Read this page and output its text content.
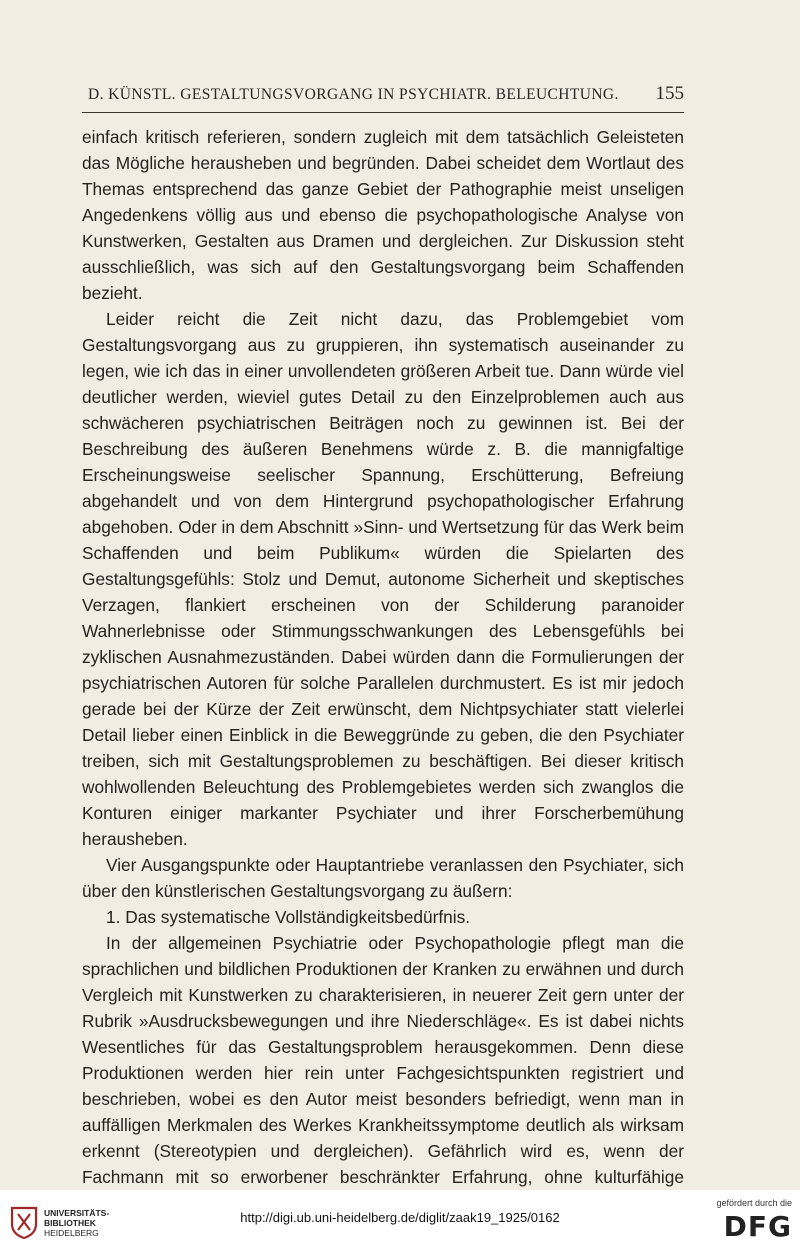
D. KÜNSTL. GESTALTUNGSVORGANG IN PSYCHIATR. BELEUCHTUNG. 155

einfach kritisch referieren, sondern zugleich mit dem tatsächlich Geleisteten das Mögliche herausheben und begründen. Dabei scheidet dem Wortlaut des Themas entsprechend das ganze Gebiet der Pathographie meist unseligen Angedenkens völlig aus und ebenso die psychopathologische Analyse von Kunstwerken, Gestalten aus Dramen und dergleichen. Zur Diskussion steht ausschließlich, was sich auf den Gestaltungsvorgang beim Schaffenden bezieht.

Leider reicht die Zeit nicht dazu, das Problemgebiet vom Gestaltungsvorgang aus zu gruppieren, ihn systematisch auseinander zu legen, wie ich das in einer unvollendeten größeren Arbeit tue. Dann würde viel deutlicher werden, wieviel gutes Detail zu den Einzelproblemen auch aus schwächeren psychiatrischen Beiträgen noch zu gewinnen ist. Bei der Beschreibung des äußeren Benehmens würde z. B. die mannigfaltige Erscheinungsweise seelischer Spannung, Erschütterung, Befreiung abgehandelt und von dem Hintergrund psychopathologischer Erfahrung abgehoben. Oder in dem Abschnitt »Sinn- und Wertsetzung für das Werk beim Schaffenden und beim Publikum« würden die Spielarten des Gestaltungsgefühls: Stolz und Demut, autonome Sicherheit und skeptisches Verzagen, flankiert erscheinen von der Schilderung paranoider Wahnerlebnisse oder Stimmungsschwankungen des Lebensgefühls bei zyklischen Ausnahmezuständen. Dabei würden dann die Formulierungen der psychiatrischen Autoren für solche Parallelen durchmustert. Es ist mir jedoch gerade bei der Kürze der Zeit erwünscht, dem Nichtpsychiater statt vielerlei Detail lieber einen Einblick in die Beweggründe zu geben, die den Psychiater treiben, sich mit Gestaltungsproblemen zu beschäftigen. Bei dieser kritisch wohlwollenden Beleuchtung des Problemgebietes werden sich zwanglos die Konturen einiger markanter Psychiater und ihrer Forscherbemühung herausheben.

Vier Ausgangspunkte oder Hauptantriebe veranlassen den Psychiater, sich über den künstlerischen Gestaltungsvorgang zu äußern:

1. Das systematische Vollständigkeitsbedürfnis.

In der allgemeinen Psychiatrie oder Psychopathologie pflegt man die sprachlichen und bildlichen Produktionen der Kranken zu erwähnen und durch Vergleich mit Kunstwerken zu charakterisieren, in neuerer Zeit gern unter der Rubrik »Ausdrucksbewegungen und ihre Niederschläge«. Es ist dabei nichts Wesentliches für das Gestaltungsproblem herausgekommen. Denn diese Produktionen werden hier rein unter Fachgesichtspunkten registriert und beschrieben, wobei es den Autor meist besonders befriedigt, wenn man in auffälligen Merkmalen des Werkes Krankheitssymptome deutlich als wirksam erkennt (Stereotypien und dergleichen). Gefährlich wird es, wenn der Fachmann mit so erworbener beschränkter Erfahrung, ohne kulturfähige

UNIVERSITÄTS-
BIBLIOTHEK
HEIDELBERG
http://digi.ub.uni-heidelberg.de/diglit/zaak19_1925/0162
gefördert durch die
DFG
